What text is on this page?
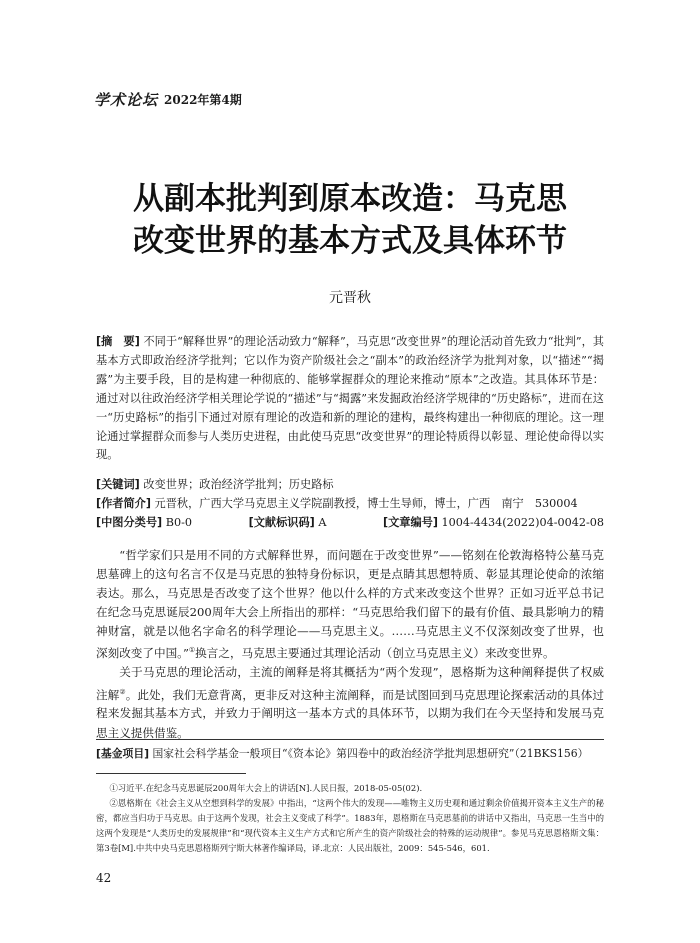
学术论坛 2022年第4期
从副本批判到原本改造：马克思
改变世界的基本方式及具体环节
元晋秋
[摘　要] 不同于“解释世界”的理论活动致力“解释”，马克思“改变世界”的理论活动首先致力“批判”，其基本方式即政治经济学批判；它以作为资产阶级社会之“副本”的政治经济学为批判对象，以“描述”“揭露”为主要手段，目的是构建一种彻底的、能够掌握群众的理论来推动“原本”之改造。其具体环节是：通过对以往政治经济学相关理论学说的“描述”与“揭露”来发掘政治经济学规律的“历史路标”，进而在这一“历史路标”的指引下通过对原有理论的改造和新的理论的建构，最终构建出一种彻底的理论。这一理论通过掌握群众而参与人类历史进程，由此使马克思“改变世界”的理论特质得以彰显、理论使命得以实现。
[关键词] 改变世界；政治经济学批判；历史路标
[作者简介] 元晋秋，广西大学马克思主义学院副教授，博士生导师，博士，广西　南宁　530004
[中图分类号] B0-0	[文献标识码] A	[文章编号] 1004-4434(2022)04-0042-08

“哲学家们只是用不同的方式解释世界，而问题在于改变世界”——铭刻在伦敦海格特公墓马克思墓碑上的这句名言不仅是马克思的独特身份标识，更是点睛其思想特质、彰显其理论使命的浓缩表达。那么，马克思是否改变了这个世界？他以什么样的方式来改变这个世界？正如习近平总书记在纪念马克思诞辰200周年大会上所指出的那样：“马克思给我们留下的最有价值、最具影响力的精神财富，就是以他名字命名的科学理论——马克思主义。……马克思主义不仅深刻改变了世界，也深刻改变了中国。”①换言之，马克思主要通过其理论活动（创立马克思主义）来改变世界。

关于马克思的理论活动，主流的阐释是将其概括为“两个发现”，恩格斯为这种阐释提供了权威注解②。此处，我们无意背离，更非反对这种主流阐释，而是试图回到马克思理论探索活动的具体过程来发掘其基本方式，并致力于阐明这一基本方式的具体环节，以期为我们在今天坚持和发展马克思主义提供借鉴。

[基金项目] 国家社会科学基金一般项目“《资本论》第四卷中的政治经济学批判思想研究”（21BKS156）

①习近平.在纪念马克思诞辰200周年大会上的讲话[N].人民日报，2018-05-05(02).

②恩格斯在《社会主义从空想到科学的发展》中指出，“这两个伟大的发现——唯物主义历史观和通过剩余价值揭开资本主义生产的秘密，都应当归功于马克思。由于这两个发现，社会主义变成了科学”。1883年，恩格斯在马克思墓前的讲话中又指出，马克思一生当中的这两个发现是“人类历史的发展规律”和“现代资本主义生产方式和它所产生的资产阶级社会的特殊的运动规律”。参见马克思恩格斯文集：第3卷[M].中共中央马克思恩格斯列宁斯大林著作编译局，译.北京：人民出版社，2009：545-546，601.

42
